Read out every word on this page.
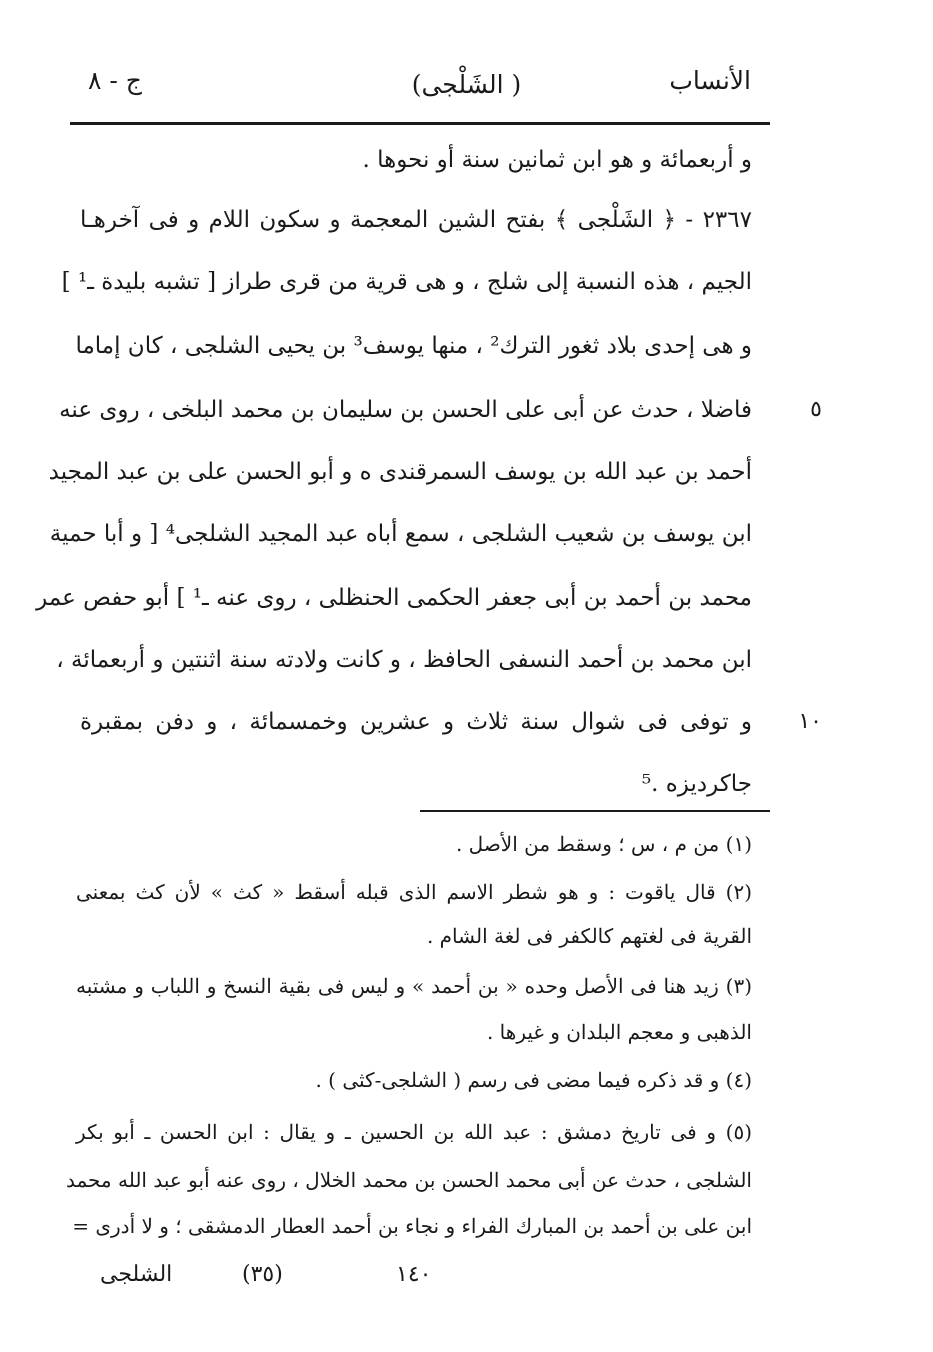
(الشَلْجى )
ج - ٨	الأنساب
و أربعمائة و هو ابن ثمانين سنة أو نحوها .
٢٣٦٧ - ﴿ الشَلْجى ﴾ بفتح الشين المعجمة و سكون اللام و فى آخرهـا
الجيم ، هذه النسبة إلى شلج ، و هى قرية من قرى طراز [ تشبه بليدة ـ¹ ]
و هى إحدى بلاد ثغور الترك² ، منها يوسف³ بن يحيى الشلجى ، كان إماما
٥
فاضلا ، حدث عن أبى على الحسن بن سليمان بن محمد البلخى ، روى عنه
أحمد بن عبد الله بن يوسف السمرقندى ه و أبو الحسن على بن عبد المجيد
ابن يوسف بن شعيب الشلجى ، سمع أباه عبد المجيد الشلجى⁴ [ و أبا حمية
محمد بن أحمد بن أبى جعفر الحكمى الحنظلى ، روى عنه ـ¹ ] أبو حفص عمر
ابن محمد بن أحمد النسفى الحافظ ، و كانت ولادته سنة اثنتين و أربعمائة ،
١٠
و توفى فى شوال سنة ثلاث و عشرين وخمسمائة ، و دفن بمقبرة
جاكرديزه .⁵
(١) من م ، س ؛ وسقط من الأصل .
(٢) قال ياقوت : و هو شطر الاسم الذى قبله أسقط « كث » لأن كث بمعنى
القرية فى لغتهم كالكفر فى لغة الشام .
(٣) زيد هنا فى الأصل وحده « بن أحمد » و ليس فى بقية النسخ و اللباب و مشتبه
الذهبى و معجم البلدان و غيرها .
(٤) و قد ذكره فيما مضى فى رسم ( الشلجى-كثى ) .
(٥) و فى تاريخ دمشق : عبد الله بن الحسين ـ و يقال : ابن الحسن ـ أبو بكر
الشلجى ، حدث عن أبى محمد الحسن بن محمد الخلال ، روى عنه أبو عبد الله محمد
ابن على بن أحمد بن المبارك الفراء و نجاء بن أحمد العطار الدمشقى ؛ و لا أدرى =
الشلجى	(٣٥)	١٤٠
